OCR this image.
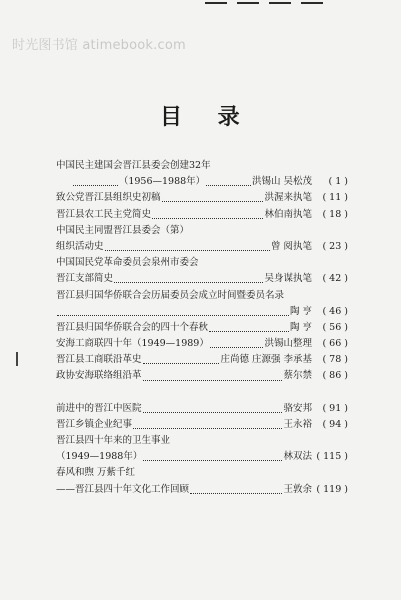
时光图书馆 atimebook.com
目 录
中国民主建国会晋江县委会创建32年
（1956—1988年）	洪锡山 吴松茂	( 1 )
致公党晋江县组织史初稿	洪渥来执笔	( 11 )
晋江县农工民主党简史	林伯南执笔	( 18 )
中国民主同盟晋江县委会（第）
组织活动史	曾 阅执笔	( 23 )
中国国民党革命委员会泉州市委会
晋江支部简史	吴身谋执笔	( 42 )
晋江县归国华侨联合会历届委员会成立时间暨委员名录
陶 亨	( 46 )
晋江县归国华侨联合会的四十个春秋	陶 亨	( 56 )
安海工商联四十年（1949—1989）	洪锡山整理	( 66 )
晋江县工商联沿革史	庄尚德 庄源强 李承基	( 78 )
政协安海联络组沿革	蔡尔禁	( 86 )
前进中的晋江中医院	骆安邦	( 91 )
晋江乡镇企业纪事	王永裕	( 94 )
晋江县四十年来的卫生事业
（1949—1988年）	林双法	( 115 )
春风和煦 万紫千红
——晋江县四十年文化工作回顾	王敦余	( 119 )
